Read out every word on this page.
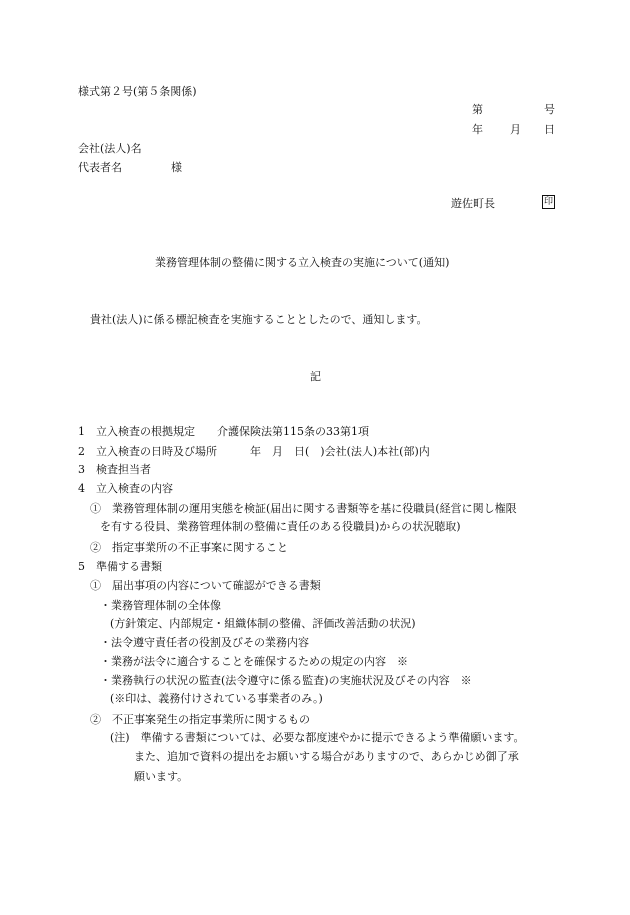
様式第２号(第５条関係)
第	号
年 月 日
会社(法人)名
代表者名	様
遊佐町長	印
業務管理体制の整備に関する立入検査の実施について(通知)
貴社(法人)に係る標記検査を実施することとしたので、通知します。
記
1　立入検査の根拠規定　　介護保険法第115条の33第1項
2　立入検査の日時及び場所　　　年　月　日(　)会社(法人)本社(部)内
3　検査担当者
4　立入検査の内容
①　業務管理体制の運用実態を検証(届出に関する書類等を基に役職員(経営に関し権限
を有する役員、業務管理体制の整備に責任のある役職員)からの状況聴取)
②　指定事業所の不正事案に関すること
5　準備する書類
①　届出事項の内容について確認ができる書類
・業務管理体制の全体像
(方針策定、内部規定・組織体制の整備、評価改善活動の状況)
・法令遵守責任者の役割及びその業務内容
・業務が法令に適合することを確保するための規定の内容　※
・業務執行の状況の監査(法令遵守に係る監査)の実施状況及びその内容　※
(※印は、義務付けされている事業者のみ。)
②　不正事案発生の指定事業所に関するもの
(注)　準備する書類については、必要な都度速やかに提示できるよう準備願います。
また、追加で資料の提出をお願いする場合がありますので、あらかじめ御了承
願います。
